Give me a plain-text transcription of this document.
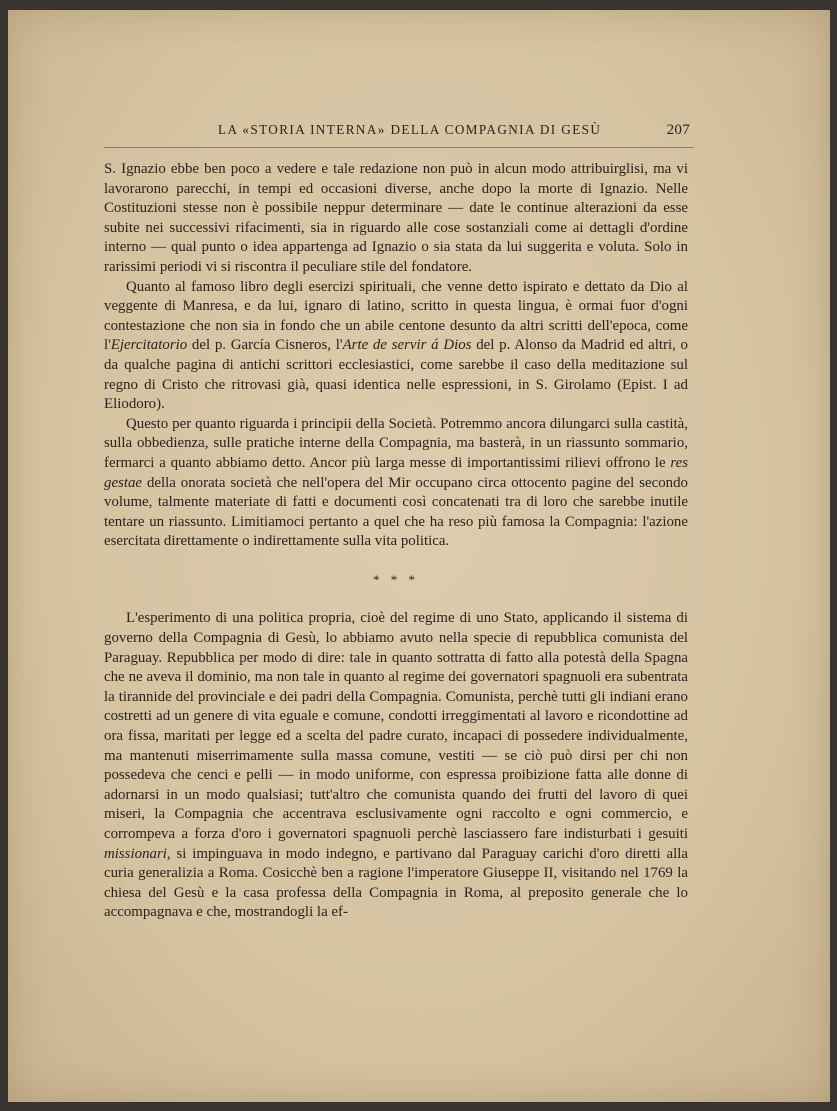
LA «STORIA INTERNA» DELLA COMPAGNIA DI GESÙ	207

S. Ignazio ebbe ben poco a vedere e tale redazione non può in alcun modo attribuirglisi, ma vi lavorarono parecchi, in tempi ed occasioni diverse, anche dopo la morte di Ignazio. Nelle Costituzioni stesse non è possibile neppur determinare — date le continue alterazioni da esse subite nei successivi rifacimenti, sia in riguardo alle cose sostanziali come ai dettagli d'ordine interno — qual punto o idea appartenga ad Ignazio o sia stata da lui suggerita e voluta. Solo in rarissimi periodi vi si riscontra il peculiare stile del fondatore.

Quanto al famoso libro degli esercizi spirituali, che venne detto ispirato e dettato da Dio al veggente di Manresa, e da lui, ignaro di latino, scritto in questa lingua, è ormai fuor d'ogni contestazione che non sia in fondo che un abile centone desunto da altri scritti dell'epoca, come l'Ejercitatorio del p. García Cisneros, l'Arte de servir á Dios del p. Alonso da Madrid ed altri, o da qualche pagina di antichi scrittori ecclesiastici, come sarebbe il caso della meditazione sul regno di Cristo che ritrovasi già, quasi identica nelle espressioni, in S. Girolamo (Epist. I ad Eliodoro).

Questo per quanto riguarda i principii della Società. Potremmo ancora dilungarci sulla castità, sulla obbedienza, sulle pratiche interne della Compagnia, ma basterà, in un riassunto sommario, fermarci a quanto abbiamo detto. Ancor più larga messe di importantissimi rilievi offrono le res gestae della onorata società che nell'opera del Mir occupano circa ottocento pagine del secondo volume, talmente materiate di fatti e documenti così concatenati tra di loro che sarebbe inutile tentare un riassunto. Limitiamoci pertanto a quel che ha reso più famosa la Compagnia: l'azione esercitata direttamente o indirettamente sulla vita politica.

* * *

L'esperimento di una politica propria, cioè del regime di uno Stato, applicando il sistema di governo della Compagnia di Gesù, lo abbiamo avuto nella specie di repubblica comunista del Paraguay. Repubblica per modo di dire: tale in quanto sottratta di fatto alla potestà della Spagna che ne aveva il dominio, ma non tale in quanto al regime dei governatori spagnuoli era subentrata la tirannide del provinciale e dei padri della Compagnia. Comunista, perchè tutti gli indiani erano costretti ad un genere di vita eguale e comune, condotti irreggimentati al lavoro e ricondottine ad ora fissa, maritati per legge ed a scelta del padre curato, incapaci di possedere individualmente, ma mantenuti miserrimamente sulla massa comune, vestiti — se ciò può dirsi per chi non possedeva che cenci e pelli — in modo uniforme, con espressa proibizione fatta alle donne di adornarsi in un modo qualsiasi; tutt'altro che comunista quando dei frutti del lavoro di quei miseri, la Compagnia che accentrava esclusivamente ogni raccolto e ogni commercio, e corrompeva a forza d'oro i governatori spagnuoli perchè lasciassero fare indisturbati i gesuiti missionari, si impinguava in modo indegno, e partivano dal Paraguay carichi d'oro diretti alla curia generalizia a Roma. Cosicchè ben a ragione l'imperatore Giuseppe II, visitando nel 1769 la chiesa del Gesù e la casa professa della Compagnia in Roma, al preposito generale che lo accompagnava e che, mostrandogli la ef-
